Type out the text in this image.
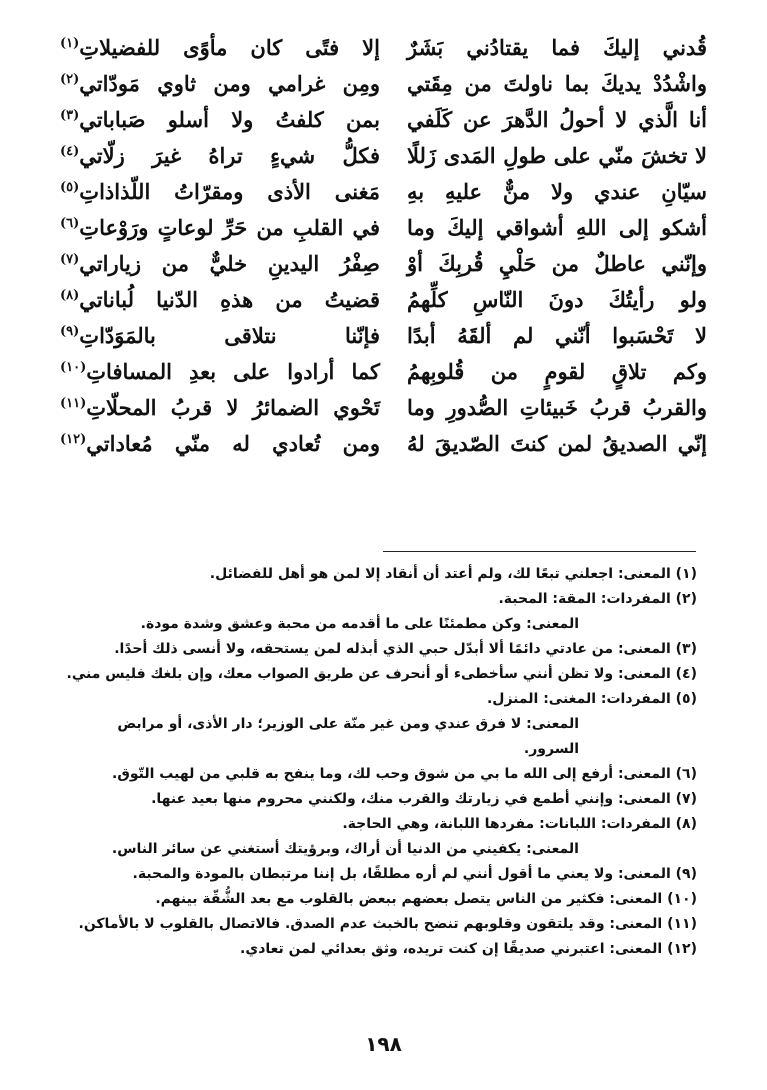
قُدني إليكَ فما يقتادُني بَشَرٌ
إلا فتًى كان مأوًى للفضيلاتِ$^{(١)}$
واشْدُدْ يديكَ بما ناولتَ من مِقَتي
ومِن غرامي ومن ثاوي مَودّاتي$^{(٢)}$
أنا الَّذي لا أحولُ الدَّهرَ عن كَلَفي
بمن كلفتُ ولا أسلو صَباباتي$^{(٣)}$
لا تخشَ منّي على طولِ المَدى زَللًا
فكلُّ شيءٍ تراهُ غيرَ زلّاتي$^{(٤)}$
سيّانِ عندي ولا منٌّ عليهِ بهِ
مَغنى الأذى ومقرّاتُ اللّذاذاتِ$^{(٥)}$
أشكو إلى اللهِ أشواقي إليكَ وما
في القلبِ من حَرِّ لوعاتٍ ورَوْعاتِ$^{(٦)}$
وإنّني عاطلٌ من حَلْيِ قُربِكَ أوْ
صِفْرُ اليدينِ خليٌّ من زياراتي$^{(٧)}$
ولو رأيتُكَ دونَ النّاسِ كلِّهمُ
قضيتُ من هذهِ الدّنيا لُباناتي$^{(٨)}$
لا تَحْسَبوا أنّني لم ألقَهُ أبدًا
فإنّنا نتلاقى بالمَوَدّاتِ$^{(٩)}$
وكم تلاقٍ لقومٍ من قُلوبِهمُ
كما أرادوا على بعدِ المسافاتِ$^{(١٠)}$
والقربُ قربُ خَبيئاتِ الصُّدورِ وما
تَحْوي الضمائرُ لا قربُ المحلّاتِ$^{(١١)}$
إنّي الصديقُ لمن كنتَ الصّديقَ لهُ
ومن تُعادي له منّي مُعاداتي$^{(١٢)}$
(١) المعنى: اجعلني تبعًا لك، ولم أعتد أن أنقاد إلا لمن هو أهل للفضائل.
(٢) المفردات: المقة: المحبة.
المعنى: وكن مطمئنًا على ما أقدمه من محبة وعشق وشدة مودة.
(٣) المعنى: من عادتي دائمًا ألا أبدّل حبي الذي أبذله لمن يستحقه، ولا أنسى ذلك أحدًا.
(٤) المعنى: ولا تظن أنني سأخطىء أو أنحرف عن طريق الصواب معك، وإن بلغك فليس مني.
(٥) المفردات: المغنى: المنزل.
المعنى: لا فرق عندي ومن غير منّة على الوزير؛ دار الأذى، أو مرابض السرور.
(٦) المعنى: أرفع إلى الله ما بي من شوق وحب لك، وما ينفح به قلبي من لهيب التّوق.
(٧) المعنى: وإنني أطمع في زيارتك والقرب منك، ولكنني محروم منها بعيد عنها.
(٨) المفردات: اللبانات: مفردها اللبانة، وهي الحاجة.
المعنى: يكفيني من الدنيا أن أراك، وبرؤيتك أستغني عن سائر الناس.
(٩) المعنى: ولا يعني ما أقول أنني لم أره مطلقًا، بل إننا مرتبطان بالمودة والمحبة.
(١٠) المعنى: فكثير من الناس يتصل بعضهم ببعض بالقلوب مع بعد الشُّقّة بينهم.
(١١) المعنى: وقد يلتقون وقلوبهم تنضح بالخبث عدم الصدق. فالاتصال بالقلوب لا بالأماكن.
(١٢) المعنى: اعتبرني صديقًا إن كنت تريده، وثق بعدائي لمن تعادي.
١٩٨
